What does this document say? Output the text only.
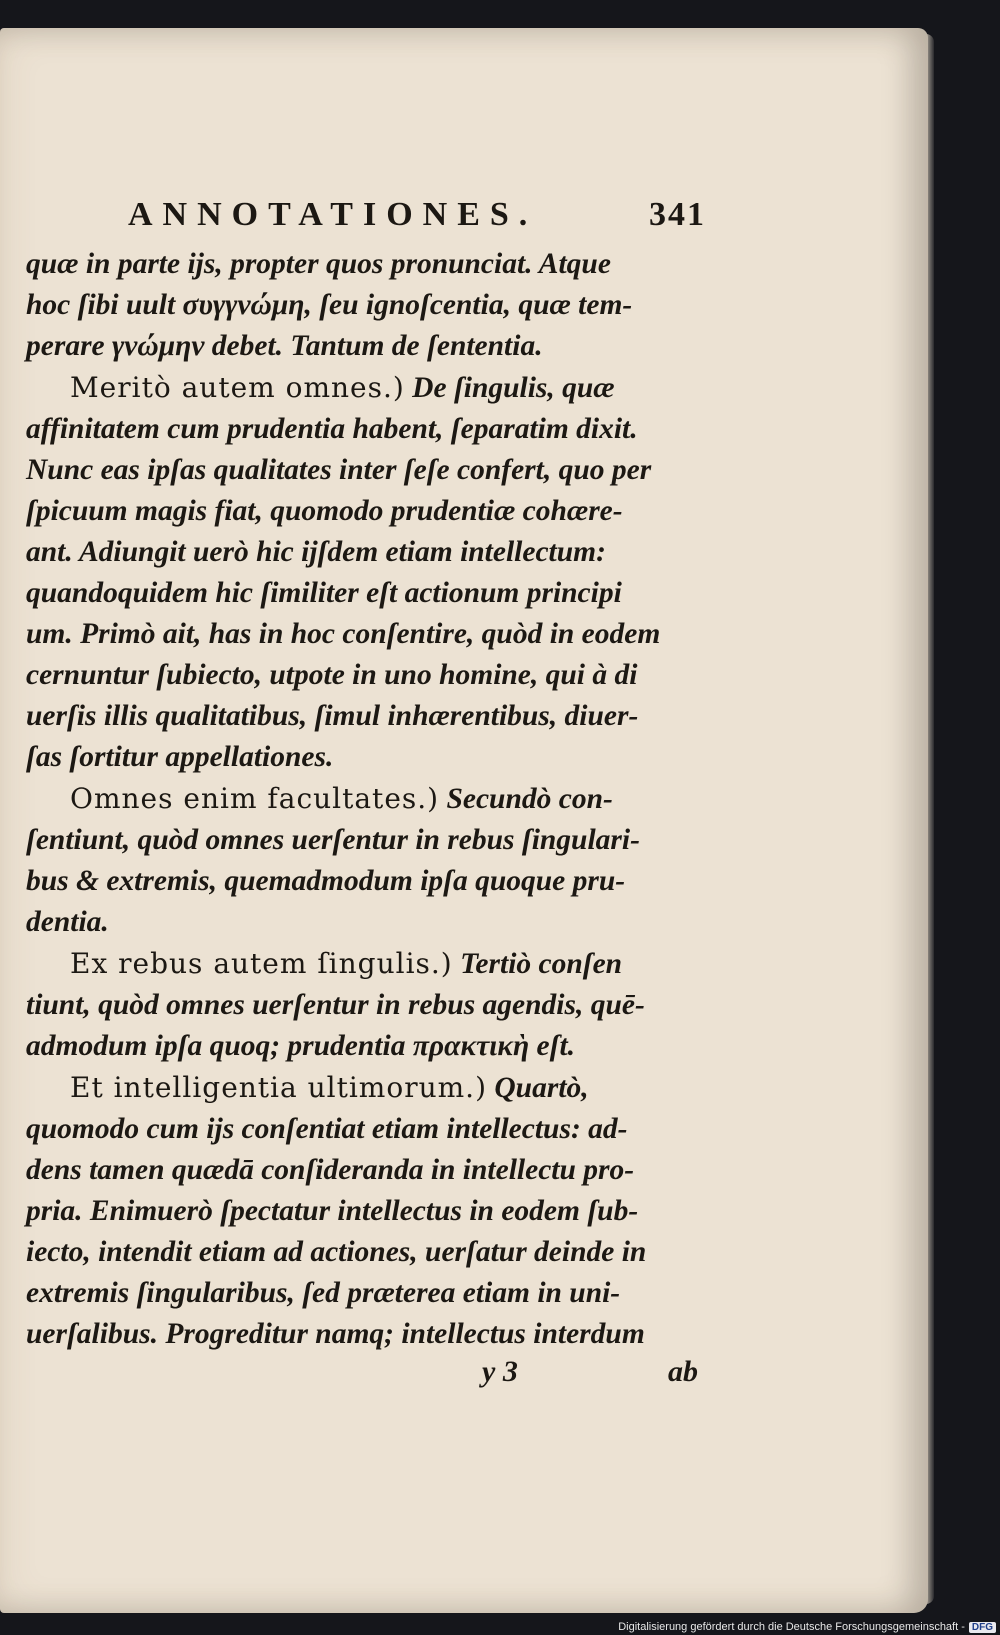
ANNOTATIONES.	341

quæ in parte ijs, propter quos pronunciat. Atque
hoc ſibi uult συγγνώμη, ſeu ignoſcentia, quæ tem-
perare γνώμην debet. Tantum de ſententia.

Meritò autem omnes.) De ſingulis, quæ
affinitatem cum prudentia habent, ſeparatim dixit.
Nunc eas ipſas qualitates inter ſeſe confert, quo per
ſpicuum magis fiat, quomodo prudentiæ cohære-
ant. Adiungit uerò hic ijſdem etiam intellectum:
quandoquidem hic ſimiliter eſt actionum principi
um. Primò ait, has in hoc conſentire, quòd in eodem
cernuntur ſubiecto, utpote in uno homine, qui à di
uerſis illis qualitatibus, ſimul inhærentibus, diuer-
ſas ſortitur appellationes.

Omnes enim facultates.) Secundò con-
ſentiunt, quòd omnes uerſentur in rebus ſingulari-
bus & extremis, quemadmodum ipſa quoque pru-
dentia.

Ex rebus autem ſingulis.) Tertiò conſen
tiunt, quòd omnes uerſentur in rebus agendis, quē-
admodum ipſa quoq; prudentia πρακτικὴ eſt.

Et intelligentia ultimorum.) Quartò,
quomodo cum ijs conſentiat etiam intellectus: ad-
dens tamen quædā conſideranda in intellectu pro-
pria. Enimuerò ſpectatur intellectus in eodem ſub-
iecto, intendit etiam ad actiones, uerſatur deinde in
extremis ſingularibus, ſed præterea etiam in uni-
uerſalibus. Progreditur namq; intellectus interdum

y 3	ab
Digitalisierung gefördert durch die Deutsche Forschungsgemeinschaft - DFG
